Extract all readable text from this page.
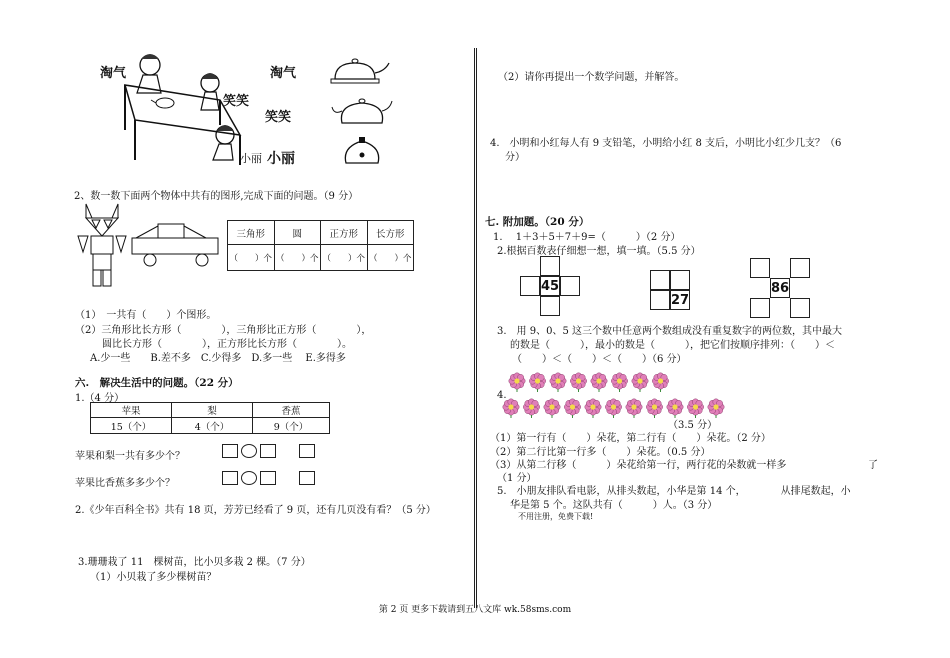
淘气
笑笑
小丽 小丽
淘气
笑笑
2、数一数下面两个物体中共有的图形,完成下面的问题。（9 分）
三角形	圆	正方形	长方形
（　　）个	（　　）个	（　　）个	（　　）个
（1）　一共有（　　）个图形。
（2）三角形比长方形（　　　　），三角形比正方形（　　　　），
圆比长方形（　　　　），正方形比长方形（　　　　）。
A.少一些　　B.差不多　C.少得多　D.多一些　 E.多得多
六.　解决生活中的问题。（22 分）
1.（4 分）
苹果	梨	香蕉
15（个）	4（个）	9（个）
苹果和梨一共有多少个？

苹果比香蕉多多少个？

2.《少年百科全书》共有 18 页，芳芳已经看了 9 页，还有几页没有看？（5 分）
3.珊珊栽了 11　棵树苗，比小贝多栽 2 棵。（7 分）
（1）小贝栽了多少棵树苗？
（2）请你再提出一个数学问题，并解答。
4.　小明和小红每人有 9 支铅笔，小明给小红 8 支后，小明比小红少几支？（6
分）
七. 附加题。（20 分）
1.　 1＋3＋5＋7＋9=（　　　）（2 分）
2.根据百数表仔细想一想，填一填。（5.5 分）
45
27
86
3.　用 9、0、5 这三个数中任意两个数组成没有重复数字的两位数，其中最大
的数是（　　　），最小的数是（　　　），把它们按顺序排列：（　　）＜
（　　）＜（　　）＜（　　）（6 分）
4.
（3.5 分）
（1）第一行有（　　）朵花，第二行有（　　）朵花。（2 分）
（2）第二行比第一行多（　　）朵花。（0.5 分）
（3）从第二行移（　　　）朵花给第一行，两行花的朵数就一样多	了
（1 分）
5.　小朋友排队看电影，从排头数起，小华是第 14 个，　　　　从排尾数起，小
华是第 5 个。这队共有（　　　）人。（3 分）
不用注册，免费下载!
第 2 页 更多下载请到五八文库 wk.58sms.com
